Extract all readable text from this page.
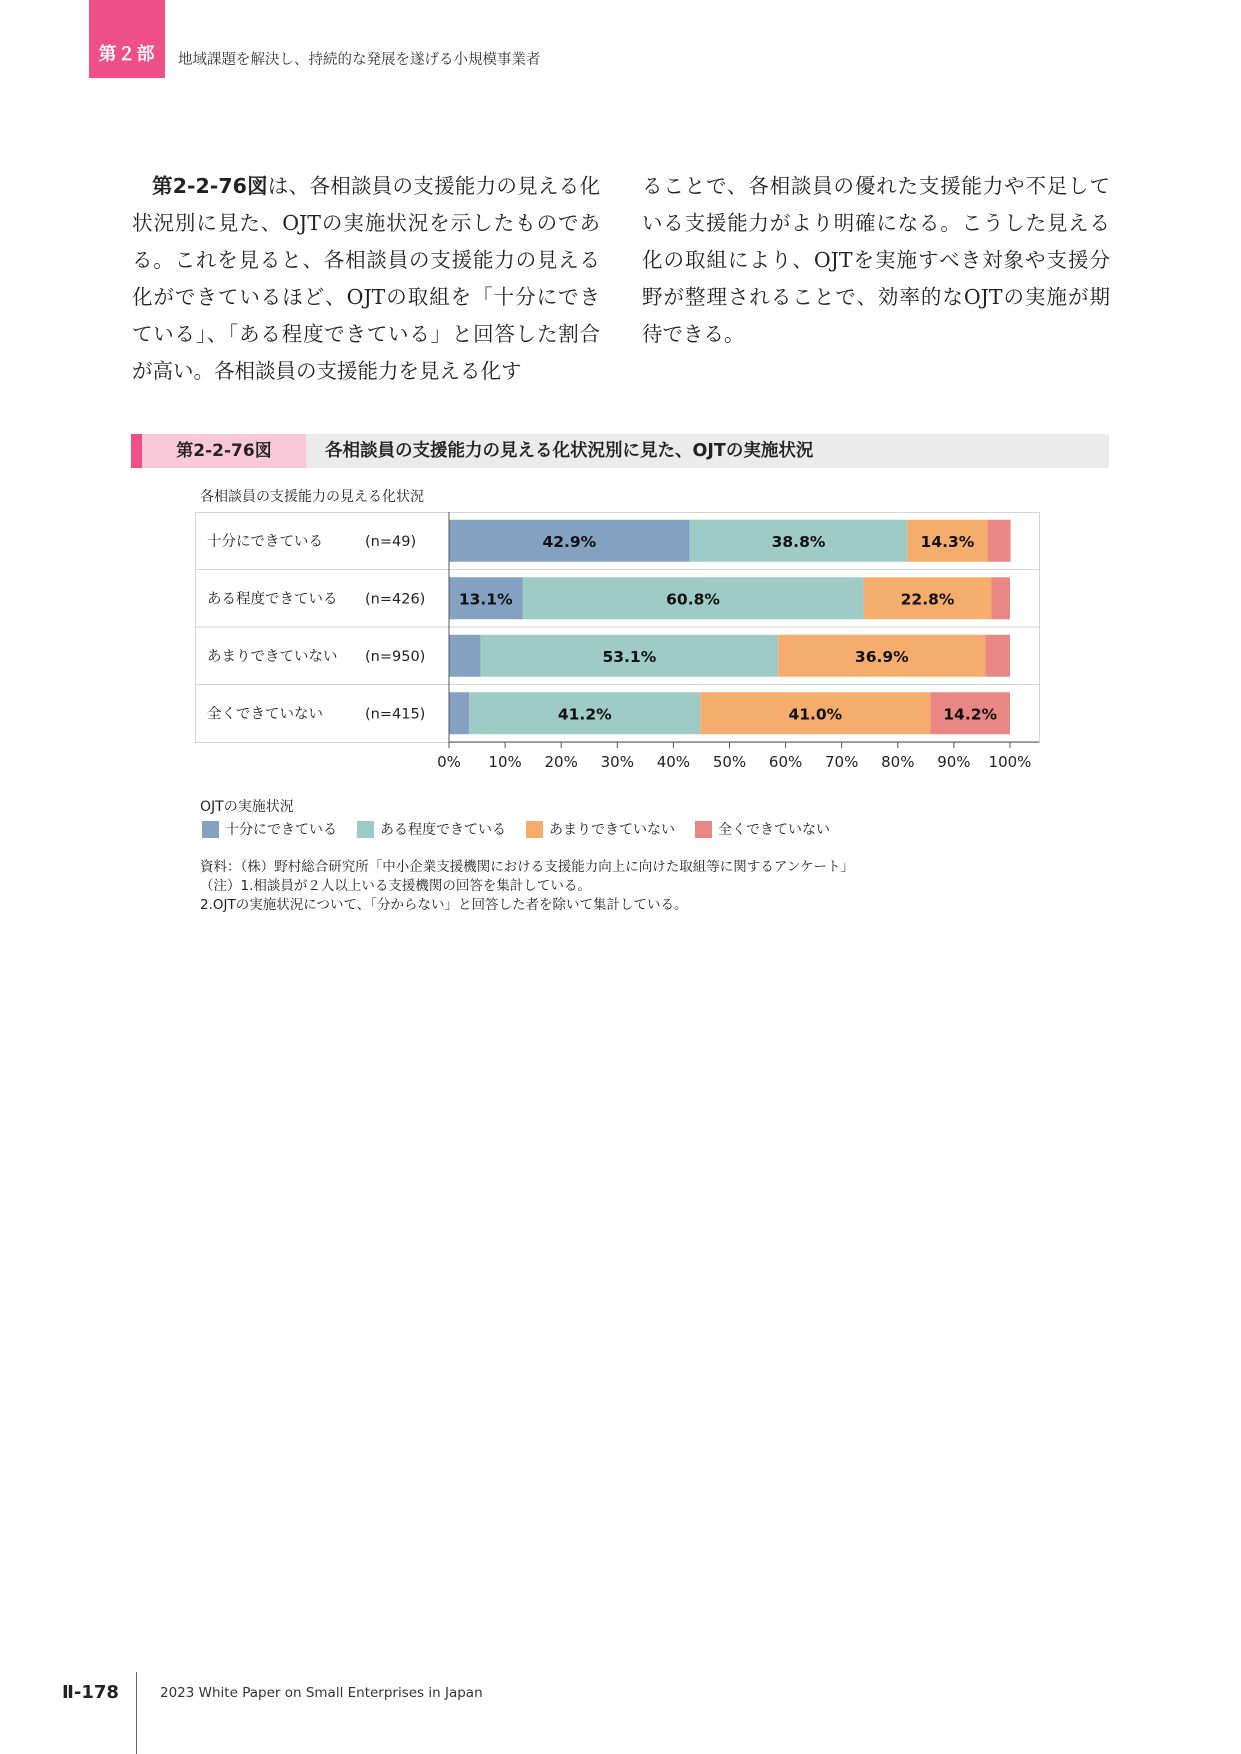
第２部 地域課題を解決し、持続的な発展を遂げる小規模事業者

第2-2-76図は、各相談員の支援能力の見える化状況別に見た、OJTの実施状況を示したものである。これを見ると、各相談員の支援能力の見える化ができているほど、OJTの取組を「十分にできている」、「ある程度できている」と回答した割合が高い。各相談員の支援能力を見える化す

ることで、各相談員の優れた支援能力や不足している支援能力がより明確になる。こうした見える化の取組により、OJTを実施すべき対象や支援分野が整理されることで、効率的なOJTの実施が期待できる。

第2-2-76図	各相談員の支援能力の見える化状況別に見た、OJTの実施状況
各相談員の支援能力の見える化状況
十分にできている	(n=49)	42.9%	38.8%	14.3%
ある程度できている (n=426) 13.1%	60.8%	22.8%
あまりできていない (n=950)	53.1%	36.9%
全くできていない	(n=415)	41.2%	41.0%	14.2%
0% 10% 20% 30% 40% 50% 60% 70% 80% 90% 100%
OJTの実施状況
十分にできている	ある程度できている	あまりできていない	全くできていない
資料：（株）野村総合研究所「中小企業支援機関における支援能力向上に向けた取組等に関するアンケート」
（注）1.相談員が２人以上いる支援機関の回答を集計している。
2.OJTの実施状況について、「分からない」と回答した者を除いて集計している。
Ⅱ-178	2023 White Paper on Small Enterprises in Japan
